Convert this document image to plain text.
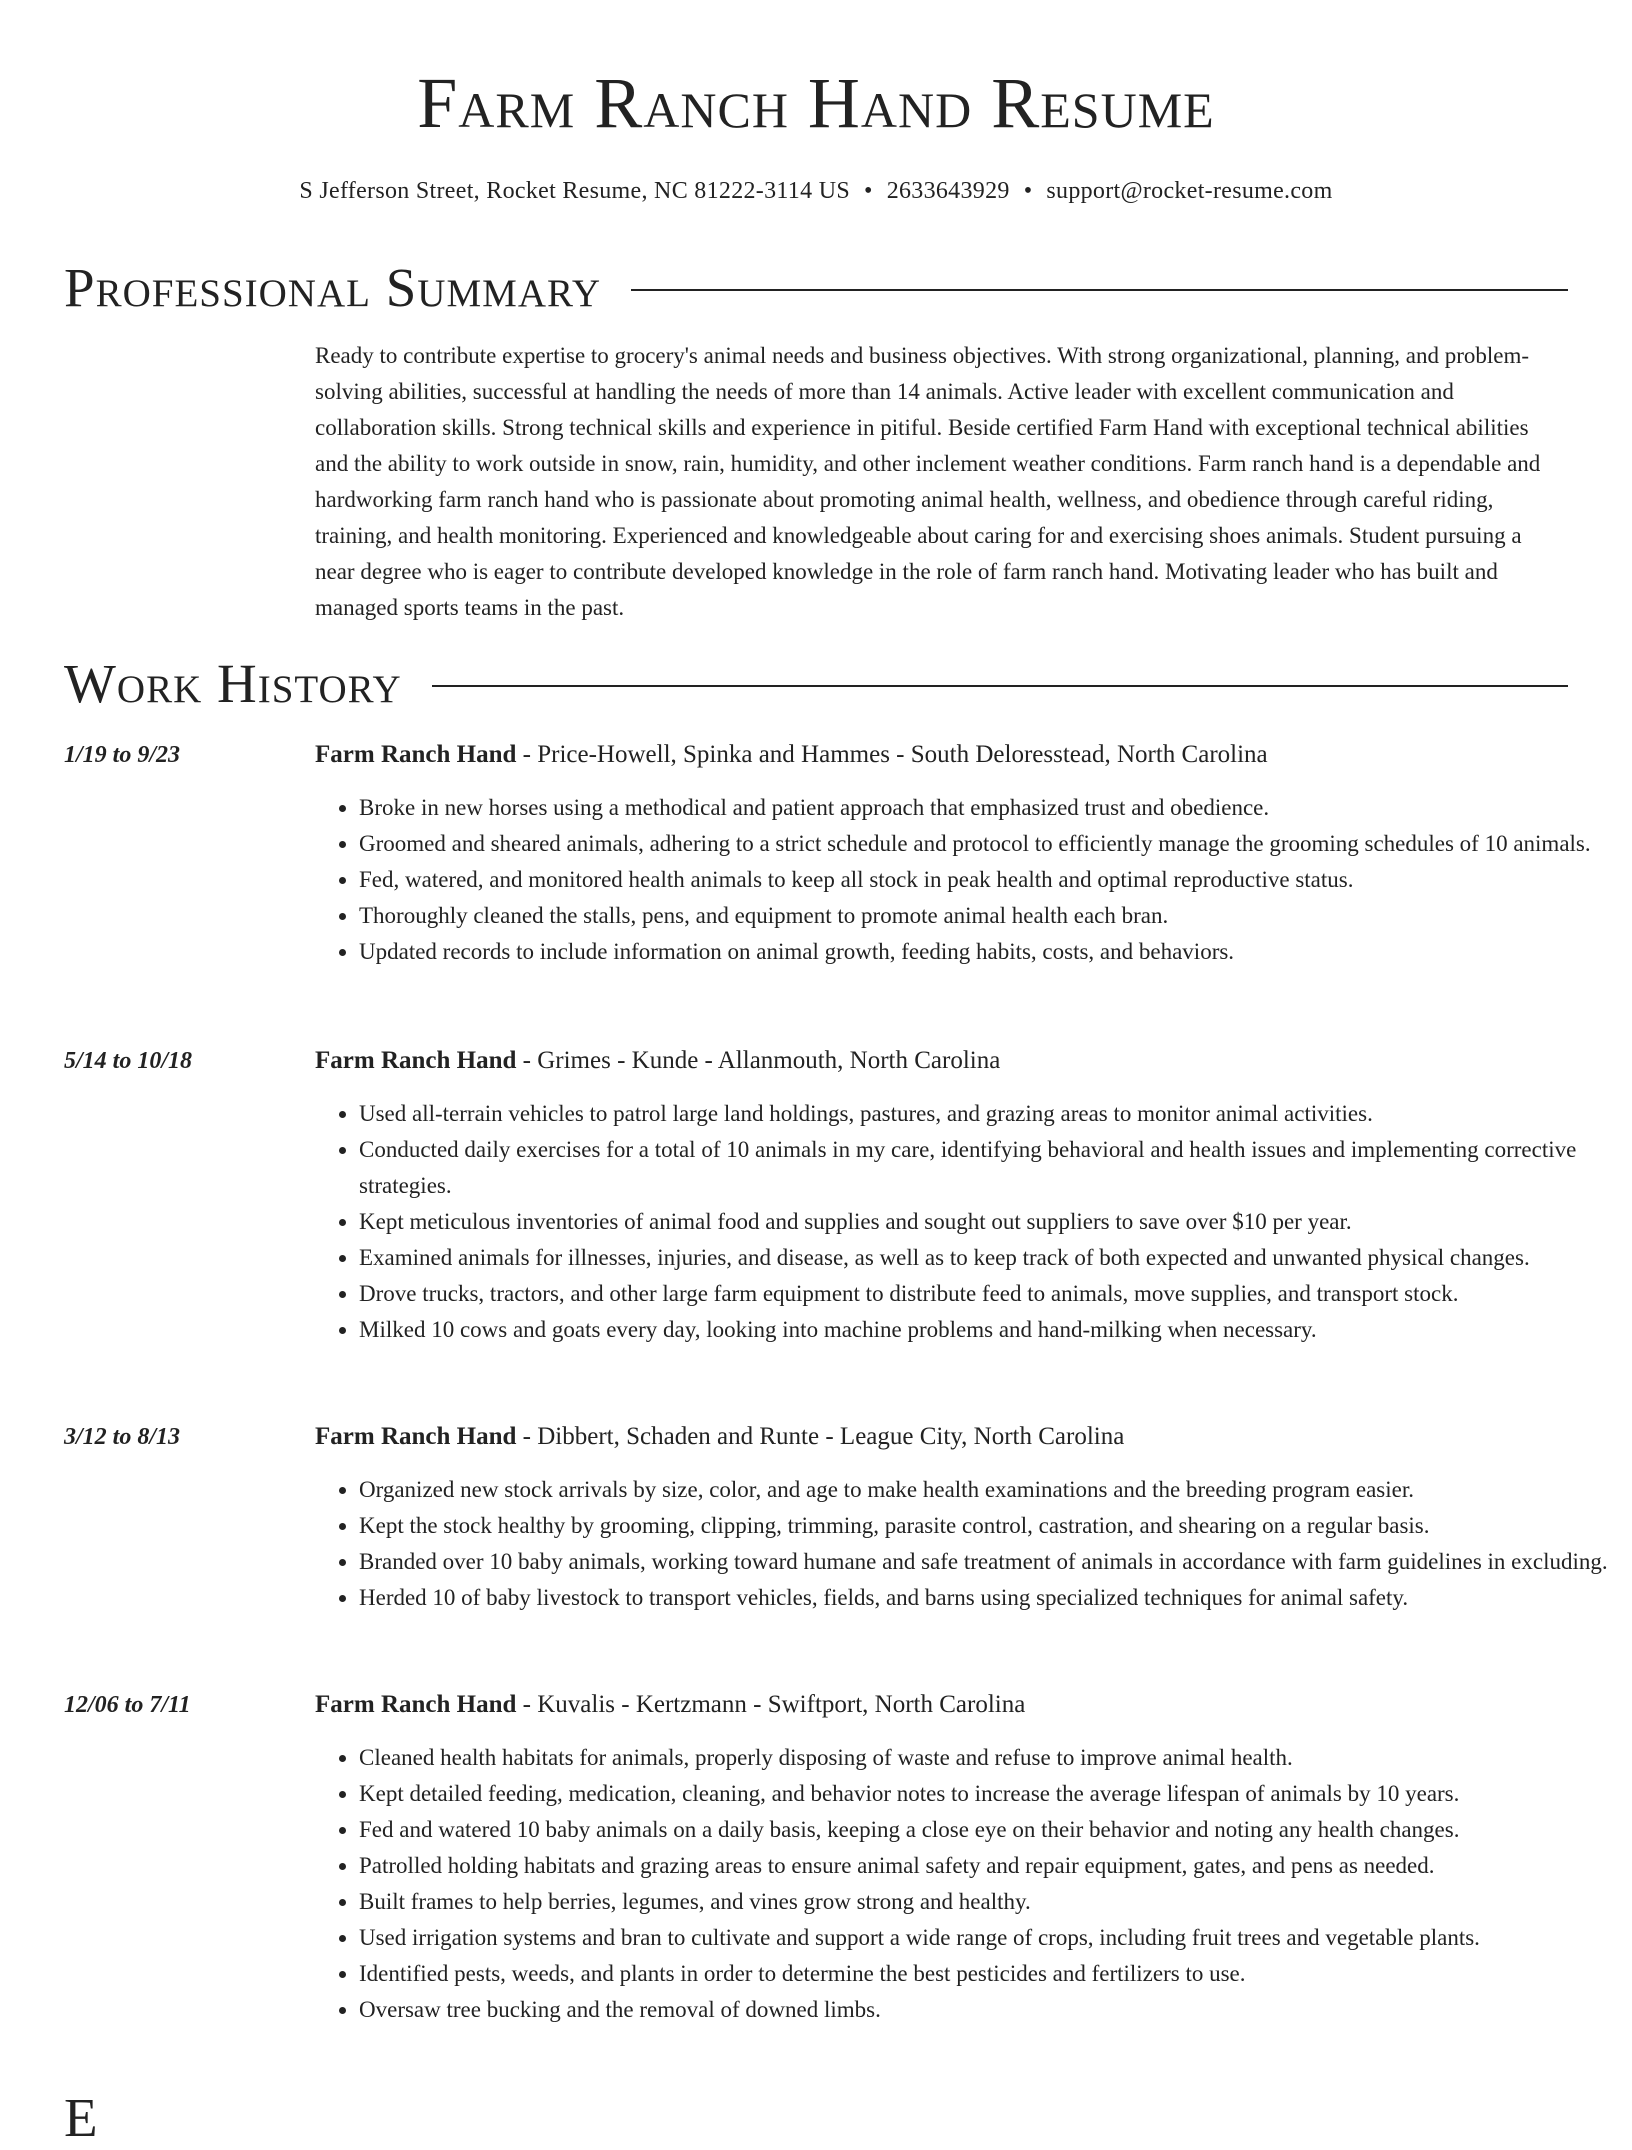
Farm Ranch Hand Resume
S Jefferson Street, Rocket Resume, NC 81222-3114 US • 2633643929 • support@rocket-resume.com
Professional Summary

Ready to contribute expertise to grocery's animal needs and business objectives. With strong organizational, planning, and problem-solving abilities, successful at handling the needs of more than 14 animals. Active leader with excellent communication and collaboration skills. Strong technical skills and experience in pitiful. Beside certified Farm Hand with exceptional technical abilities and the ability to work outside in snow, rain, humidity, and other inclement weather conditions. Farm ranch hand is a dependable and hardworking farm ranch hand who is passionate about promoting animal health, wellness, and obedience through careful riding, training, and health monitoring. Experienced and knowledgeable about caring for and exercising shoes animals. Student pursuing a near degree who is eager to contribute developed knowledge in the role of farm ranch hand. Motivating leader who has built and managed sports teams in the past.

Work History
1/19 to 9/23	Farm Ranch Hand - Price-Howell, Spinka and Hammes - South Deloresstead, North Carolina
• Broke in new horses using a methodical and patient approach that emphasized trust and obedience.
• Groomed and sheared animals, adhering to a strict schedule and protocol to efficiently manage the grooming schedules of 10 animals.
• Fed, watered, and monitored health animals to keep all stock in peak health and optimal reproductive status.
• Thoroughly cleaned the stalls, pens, and equipment to promote animal health each bran.
• Updated records to include information on animal growth, feeding habits, costs, and behaviors.
5/14 to 10/18	Farm Ranch Hand - Grimes - Kunde - Allanmouth, North Carolina
• Used all-terrain vehicles to patrol large land holdings, pastures, and grazing areas to monitor animal activities.
• Conducted daily exercises for a total of 10 animals in my care, identifying behavioral and health issues and implementing corrective strategies.
• Kept meticulous inventories of animal food and supplies and sought out suppliers to save over $10 per year.
• Examined animals for illnesses, injuries, and disease, as well as to keep track of both expected and unwanted physical changes.
• Drove trucks, tractors, and other large farm equipment to distribute feed to animals, move supplies, and transport stock.
• Milked 10 cows and goats every day, looking into machine problems and hand-milking when necessary.
3/12 to 8/13	Farm Ranch Hand - Dibbert, Schaden and Runte - League City, North Carolina
• Organized new stock arrivals by size, color, and age to make health examinations and the breeding program easier.
• Kept the stock healthy by grooming, clipping, trimming, parasite control, castration, and shearing on a regular basis.
• Branded over 10 baby animals, working toward humane and safe treatment of animals in accordance with farm guidelines in excluding.
• Herded 10 of baby livestock to transport vehicles, fields, and barns using specialized techniques for animal safety.
12/06 to 7/11	Farm Ranch Hand - Kuvalis - Kertzmann - Swiftport, North Carolina
• Cleaned health habitats for animals, properly disposing of waste and refuse to improve animal health.
• Kept detailed feeding, medication, cleaning, and behavior notes to increase the average lifespan of animals by 10 years.
• Fed and watered 10 baby animals on a daily basis, keeping a close eye on their behavior and noting any health changes.
• Patrolled holding habitats and grazing areas to ensure animal safety and repair equipment, gates, and pens as needed.
• Built frames to help berries, legumes, and vines grow strong and healthy.
• Used irrigation systems and bran to cultivate and support a wide range of crops, including fruit trees and vegetable plants.
• Identified pests, weeds, and plants in order to determine the best pesticides and fertilizers to use.
• Oversaw tree bucking and the removal of downed limbs.
E
